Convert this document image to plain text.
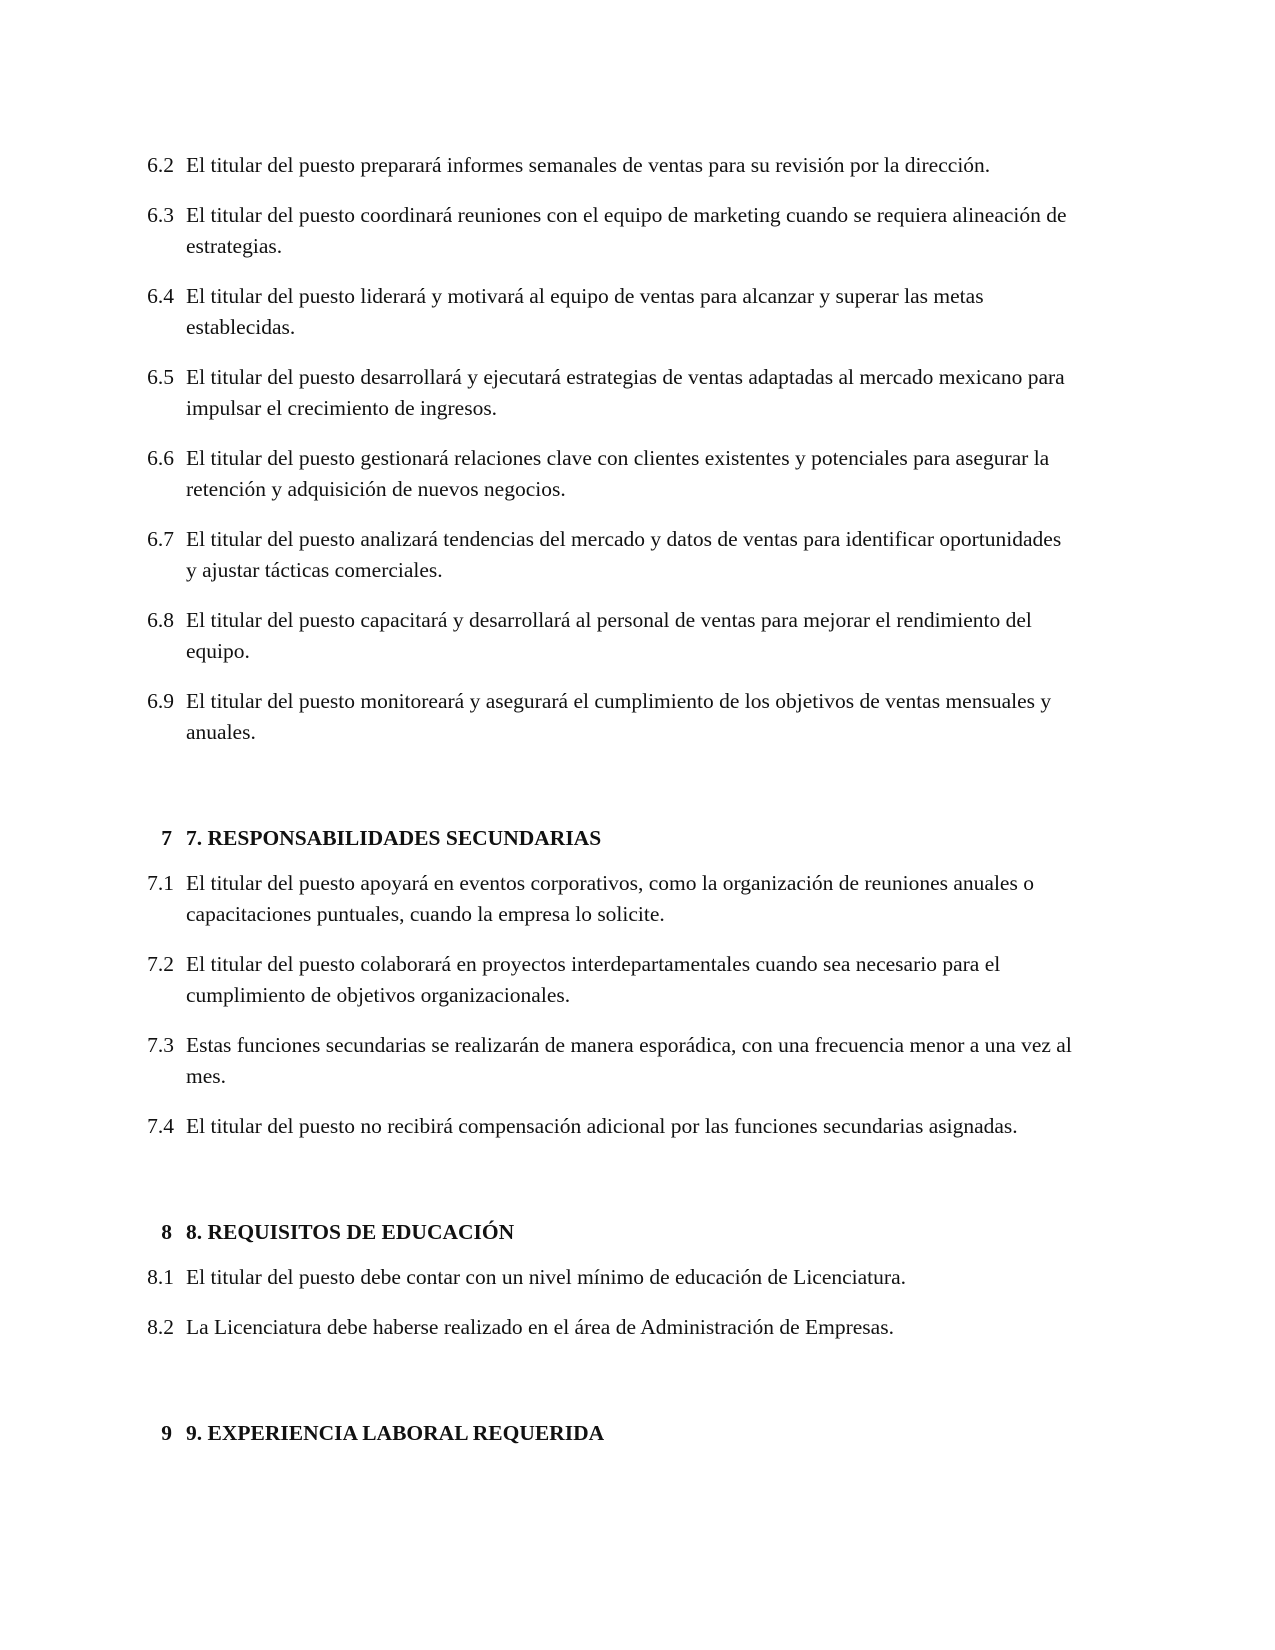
6.2 El titular del puesto preparará informes semanales de ventas para su revisión por la dirección.
6.3 El titular del puesto coordinará reuniones con el equipo de marketing cuando se requiera alineación de estrategias.
6.4 El titular del puesto liderará y motivará al equipo de ventas para alcanzar y superar las metas establecidas.
6.5 El titular del puesto desarrollará y ejecutará estrategias de ventas adaptadas al mercado mexicano para impulsar el crecimiento de ingresos.
6.6 El titular del puesto gestionará relaciones clave con clientes existentes y potenciales para asegurar la retención y adquisición de nuevos negocios.
6.7 El titular del puesto analizará tendencias del mercado y datos de ventas para identificar oportunidades y ajustar tácticas comerciales.
6.8 El titular del puesto capacitará y desarrollará al personal de ventas para mejorar el rendimiento del equipo.
6.9 El titular del puesto monitoreará y asegurará el cumplimiento de los objetivos de ventas mensuales y anuales.
7 7. RESPONSABILIDADES SECUNDARIAS
7.1 El titular del puesto apoyará en eventos corporativos, como la organización de reuniones anuales o capacitaciones puntuales, cuando la empresa lo solicite.
7.2 El titular del puesto colaborará en proyectos interdepartamentales cuando sea necesario para el cumplimiento de objetivos organizacionales.
7.3 Estas funciones secundarias se realizarán de manera esporádica, con una frecuencia menor a una vez al mes.
7.4 El titular del puesto no recibirá compensación adicional por las funciones secundarias asignadas.
8 8. REQUISITOS DE EDUCACIÓN
8.1 El titular del puesto debe contar con un nivel mínimo de educación de Licenciatura.
8.2 La Licenciatura debe haberse realizado en el área de Administración de Empresas.
9 9. EXPERIENCIA LABORAL REQUERIDA
